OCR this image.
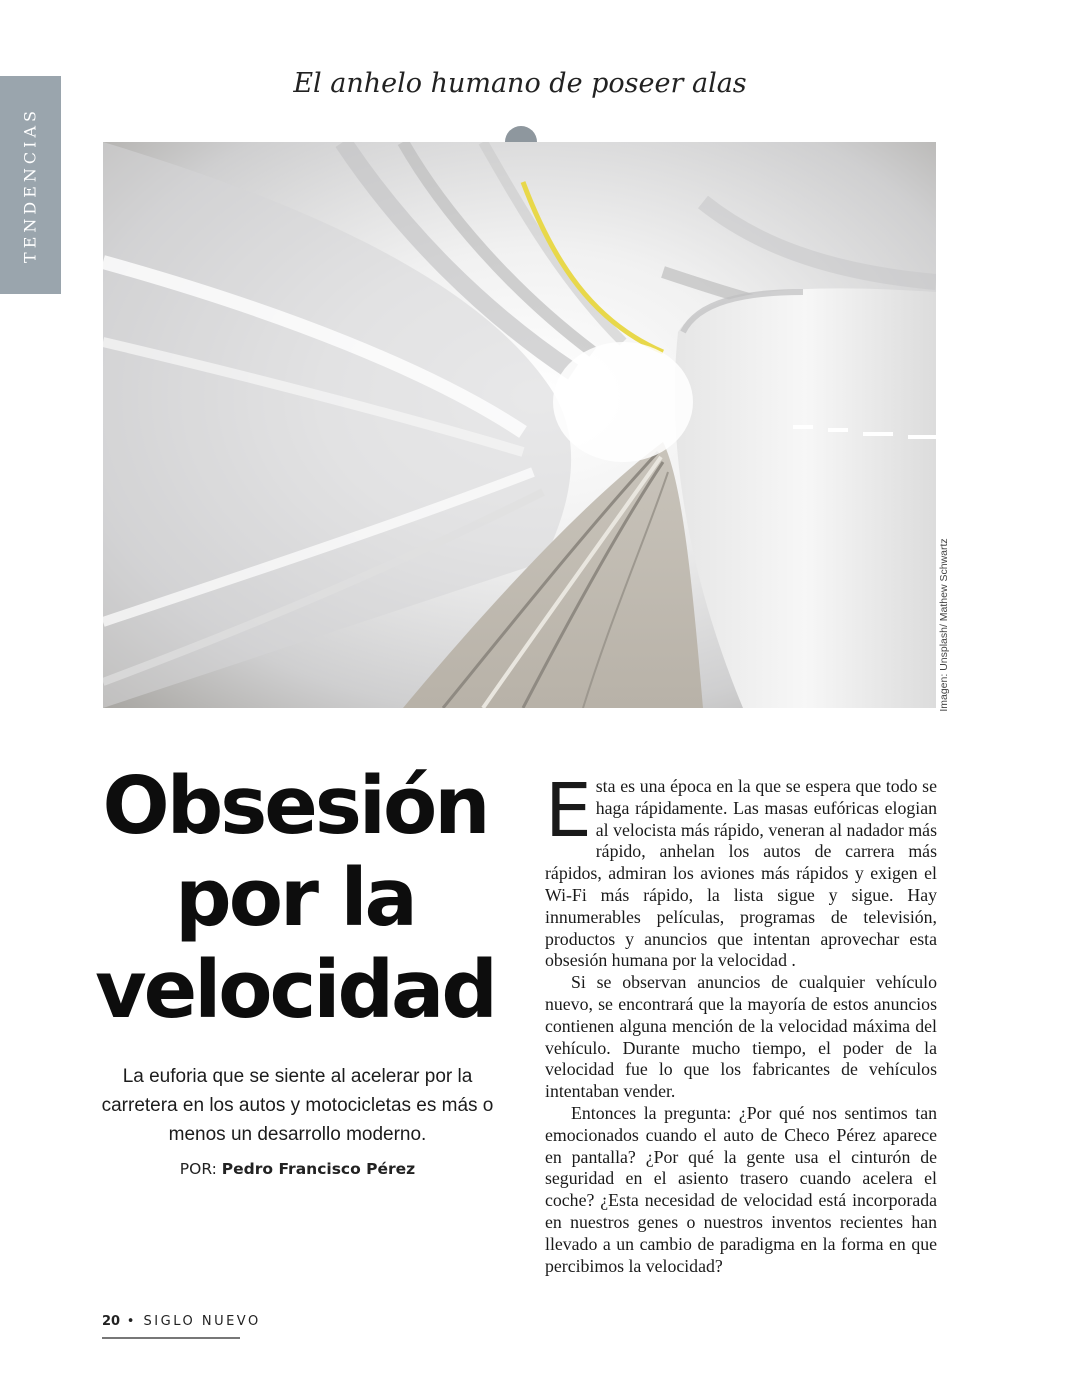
TENDENCIAS
El anhelo humano de poseer alas
Imagen: Unsplash/ Mathew Schwartz
Obsesión
por la
velocidad
La euforia que se siente al acelerar por la carretera en los autos y motocicletas es más o menos un desarrollo moderno.
POR: Pedro Francisco Pérez

Esta es una época en la que se espera que todo se haga rápidamente. Las masas eufóricas elogian al velocista más rápido, veneran al nadador más rápido, anhelan los autos de carrera más rápidos, admiran los aviones más rápidos y exigen el Wi-Fi más rápido, la lista sigue y sigue. Hay innumerables películas, programas de televisión, productos y anuncios que intentan aprovechar esta obsesión humana por la velocidad .

Si se observan anuncios de cualquier vehículo nuevo, se encontrará que la mayoría de estos anuncios contienen alguna mención de la velocidad máxima del vehículo. Durante mucho tiempo, el poder de la velocidad fue lo que los fabricantes de vehículos intentaban vender.

Entonces la pregunta: ¿Por qué nos sentimos tan emocionados cuando el auto de Checo Pérez aparece en pantalla? ¿Por qué la gente usa el cinturón de seguridad en el asiento trasero cuando acelera el coche? ¿Esta necesidad de velocidad está incorporada en nuestros genes o nuestros inventos recientes han llevado a un cambio de paradigma en la forma en que percibimos la velocidad?

20 • SIGLO NUEVO
